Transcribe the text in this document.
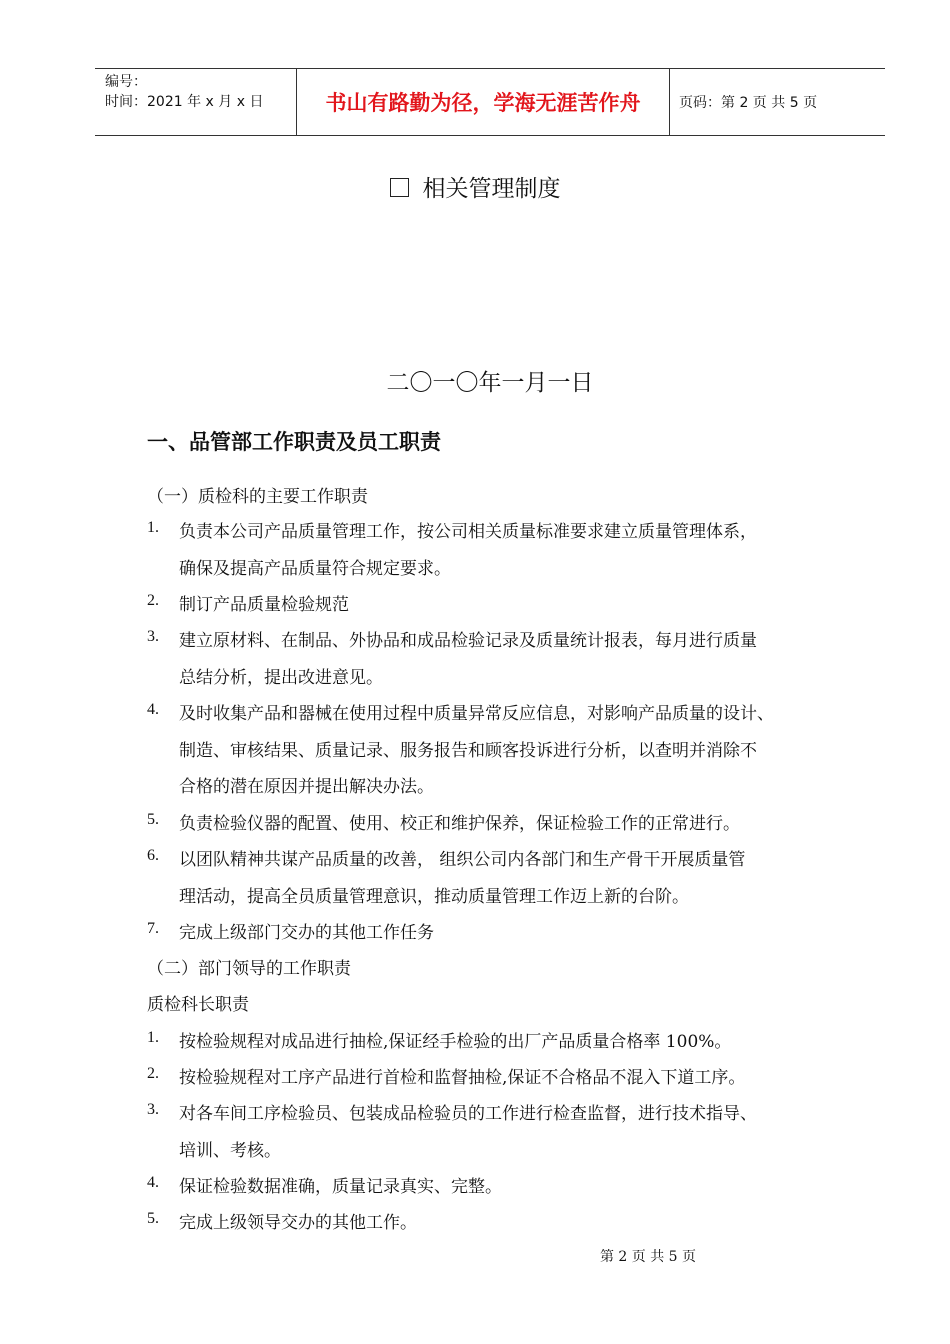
编号：
时间：2021 年 x 月 x 日	书山有路勤为径，学海无涯苦作舟	页码：第 2 页 共 5 页
相关管理制度
二〇一〇年一月一日
一、品管部工作职责及员工职责
（一）质检科的主要工作职责
1. 负责本公司产品质量管理工作，按公司相关质量标准要求建立质量管理体系，
确保及提高产品质量符合规定要求。
2. 制订产品质量检验规范
3. 建立原材料、在制品、外协品和成品检验记录及质量统计报表，每月进行质量
总结分析，提出改进意见。
4. 及时收集产品和器械在使用过程中质量异常反应信息，对影响产品质量的设计、
制造、审核结果、质量记录、服务报告和顾客投诉进行分析，以查明并消除不
合格的潜在原因并提出解决办法。
5. 负责检验仪器的配置、使用、校正和维护保养，保证检验工作的正常进行。
6. 以团队精神共谋产品质量的改善， 组织公司内各部门和生产骨干开展质量管
理活动，提高全员质量管理意识，推动质量管理工作迈上新的台阶。
7. 完成上级部门交办的其他工作任务
（二）部门领导的工作职责
质检科长职责
1. 按检验规程对成品进行抽检,保证经手检验的出厂产品质量合格率 100%。
2. 按检验规程对工序产品进行首检和监督抽检,保证不合格品不混入下道工序。
3. 对各车间工序检验员、包装成品检验员的工作进行检查监督，进行技术指导、
培训、考核。
4. 保证检验数据准确，质量记录真实、完整。
5. 完成上级领导交办的其他工作。
第 2 页 共 5 页
